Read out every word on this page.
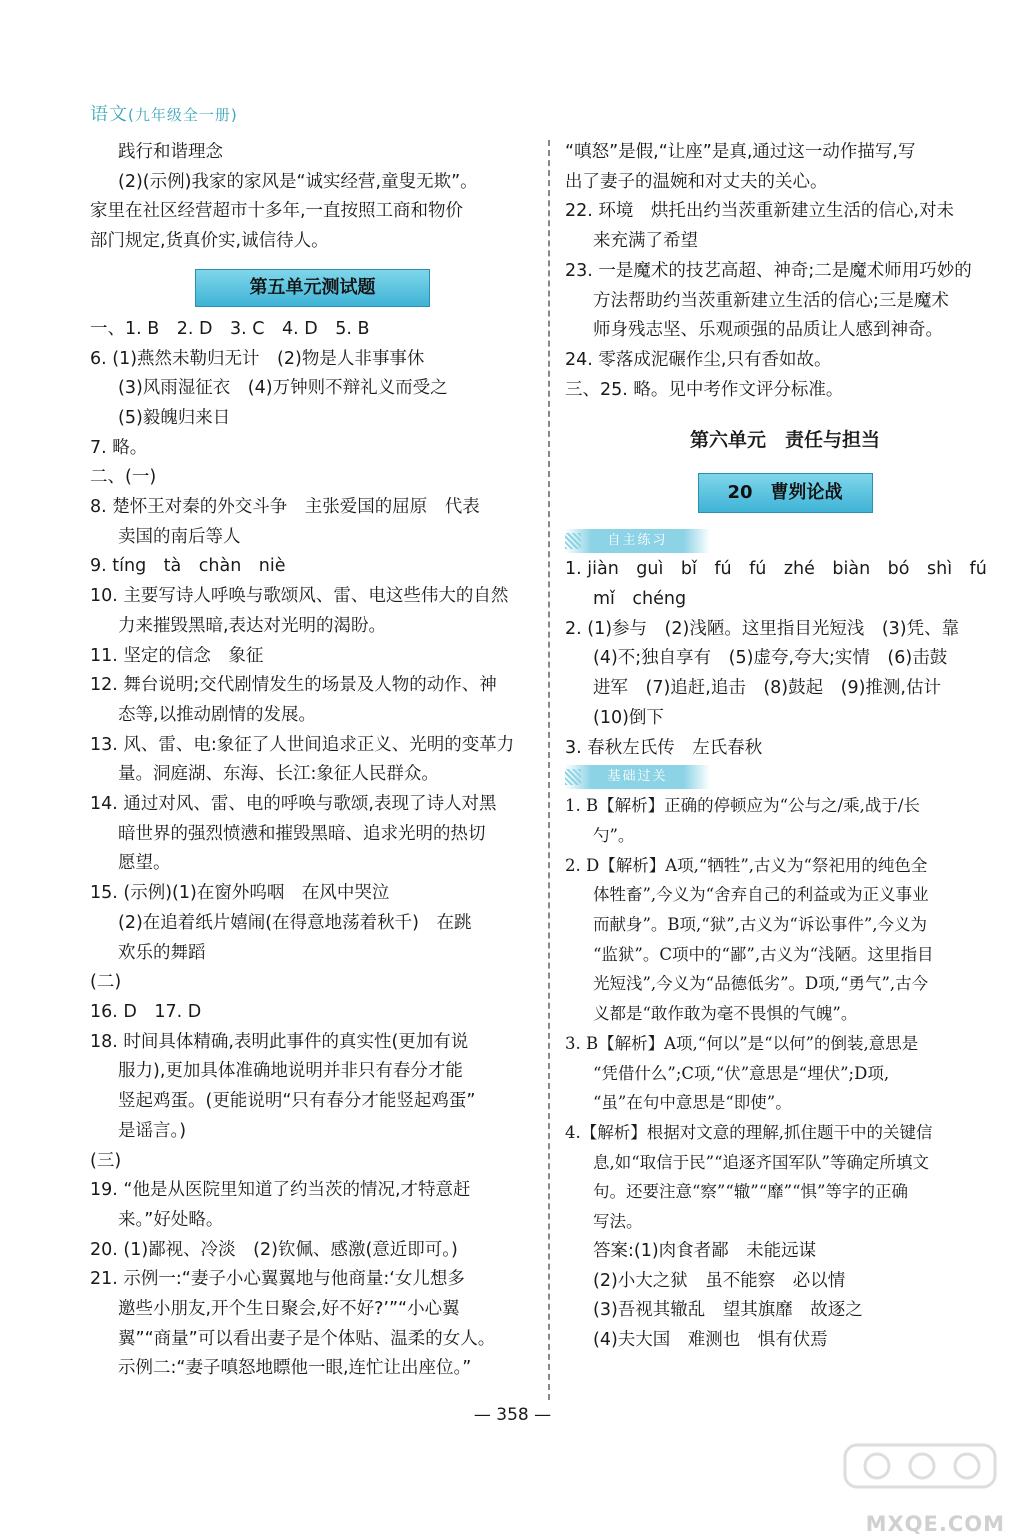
语文(九年级全一册)
践行和谐理念
(2)(示例)我家的家风是“诚实经营,童叟无欺”。
家里在社区经营超市十多年,一直按照工商和物价
部门规定,货真价实,诚信待人。
第五单元测试题
一、1. B　2. D　3. C　4. D　5. B
6. (1)燕然未勒归无计　(2)物是人非事事休
(3)风雨湿征衣　(4)万钟则不辩礼义而受之
(5)毅魄归来日
7. 略。
二、(一)
8. 楚怀王对秦的外交斗争　主张爱国的屈原　代表
卖国的南后等人
9. tíng　tà　chàn　niè
10. 主要写诗人呼唤与歌颂风、雷、电这些伟大的自然
力来摧毁黑暗,表达对光明的渴盼。
11. 坚定的信念　象征
12. 舞台说明;交代剧情发生的场景及人物的动作、神
态等,以推动剧情的发展。
13. 风、雷、电:象征了人世间追求正义、光明的变革力
量。洞庭湖、东海、长江:象征人民群众。
14. 通过对风、雷、电的呼唤与歌颂,表现了诗人对黑
暗世界的强烈愤懑和摧毁黑暗、追求光明的热切
愿望。
15. (示例)(1)在窗外呜咽　在风中哭泣
(2)在追着纸片嬉闹(在得意地荡着秋千)　在跳
欢乐的舞蹈
(二)
16. D　17. D
18. 时间具体精确,表明此事件的真实性(更加有说
服力),更加具体准确地说明并非只有春分才能
竖起鸡蛋。(更能说明“只有春分才能竖起鸡蛋”
是谣言。)
(三)
19. “他是从医院里知道了约当茨的情况,才特意赶
来。”好处略。
20. (1)鄙视、冷淡　(2)钦佩、感激(意近即可。)
21. 示例一:“妻子小心翼翼地与他商量:‘女儿想多
邀些小朋友,开个生日聚会,好不好?’”“小心翼
翼”“商量”可以看出妻子是个体贴、温柔的女人。
示例二:“妻子嗔怒地瞟他一眼,连忙让出座位。”
“嗔怒”是假,“让座”是真,通过这一动作描写,写
出了妻子的温婉和对丈夫的关心。
22. 环境　烘托出约当茨重新建立生活的信心,对未
来充满了希望
23. 一是魔术的技艺高超、神奇;二是魔术师用巧妙的
方法帮助约当茨重新建立生活的信心;三是魔术
师身残志坚、乐观顽强的品质让人感到神奇。
24. 零落成泥碾作尘,只有香如故。
三、25. 略。见中考作文评分标准。
第六单元　责任与担当
20　曹刿论战
自主练习
1. jiàn　guì　bǐ　fú　fú　zhé　biàn　bó　shì　fú
mǐ　chéng
2. (1)参与　(2)浅陋。这里指目光短浅　(3)凭、靠
(4)不;独自享有　(5)虚夸,夸大;实情　(6)击鼓
进军　(7)追赶,追击　(8)鼓起　(9)推测,估计
(10)倒下
3. 春秋左氏传　左氏春秋
基础过关
1. B【解析】正确的停顿应为“公与之/乘,战于/长
勺”。
2. D【解析】A项,“牺牲”,古义为“祭祀用的纯色全
体牲畜”,今义为“舍弃自己的利益或为正义事业
而献身”。B项,“狱”,古义为“诉讼事件”,今义为
“监狱”。C项中的“鄙”,古义为“浅陋。这里指目
光短浅”,今义为“品德低劣”。D项,“勇气”,古今
义都是“敢作敢为毫不畏惧的气魄”。
3. B【解析】A项,“何以”是“以何”的倒装,意思是
“凭借什么”;C项,“伏”意思是“埋伏”;D项,
“虽”在句中意思是“即使”。
4.【解析】根据对文意的理解,抓住题干中的关键信
息,如“取信于民”“追逐齐国军队”等确定所填文
句。还要注意“察”“辙”“靡”“惧”等字的正确
写法。
答案:(1)肉食者鄙　未能远谋
(2)小大之狱　虽不能察　必以情
(3)吾视其辙乱　望其旗靡　故逐之
(4)夫大国　难测也　惧有伏焉
— 358 —
MXQE.COM
